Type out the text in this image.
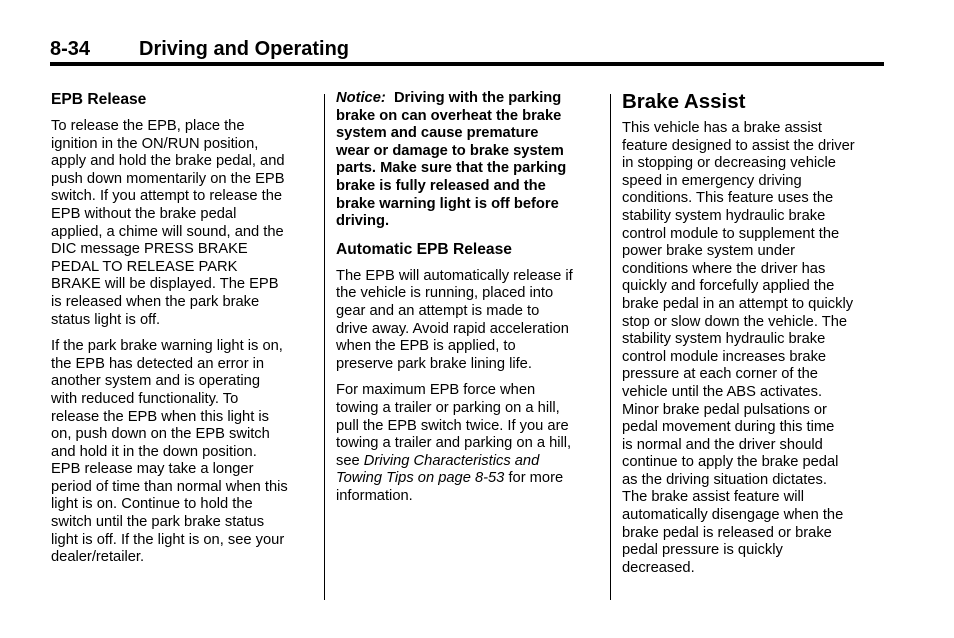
8-34 Driving and Operating
EPB Release
To release the EPB, place the
ignition in the ON/RUN position,
apply and hold the brake pedal, and
push down momentarily on the EPB
switch. If you attempt to release the
EPB without the brake pedal
applied, a chime will sound, and the
DIC message PRESS BRAKE
PEDAL TO RELEASE PARK
BRAKE will be displayed. The EPB
is released when the park brake
status light is off.
If the park brake warning light is on,
the EPB has detected an error in
another system and is operating
with reduced functionality. To
release the EPB when this light is
on, push down on the EPB switch
and hold it in the down position.
EPB release may take a longer
period of time than normal when this
light is on. Continue to hold the
switch until the park brake status
light is off. If the light is on, see your
dealer/retailer.
Notice: Driving with the parking
brake on can overheat the brake
system and cause premature
wear or damage to brake system
parts. Make sure that the parking
brake is fully released and the
brake warning light is off before
driving.
Automatic EPB Release
The EPB will automatically release if
the vehicle is running, placed into
gear and an attempt is made to
drive away. Avoid rapid acceleration
when the EPB is applied, to
preserve park brake lining life.
For maximum EPB force when
towing a trailer or parking on a hill,
pull the EPB switch twice. If you are
towing a trailer and parking on a hill,
see Driving Characteristics and
Towing Tips on page 8-53 for more
information.
Brake Assist
This vehicle has a brake assist
feature designed to assist the driver
in stopping or decreasing vehicle
speed in emergency driving
conditions. This feature uses the
stability system hydraulic brake
control module to supplement the
power brake system under
conditions where the driver has
quickly and forcefully applied the
brake pedal in an attempt to quickly
stop or slow down the vehicle. The
stability system hydraulic brake
control module increases brake
pressure at each corner of the
vehicle until the ABS activates.
Minor brake pedal pulsations or
pedal movement during this time
is normal and the driver should
continue to apply the brake pedal
as the driving situation dictates.
The brake assist feature will
automatically disengage when the
brake pedal is released or brake
pedal pressure is quickly
decreased.
